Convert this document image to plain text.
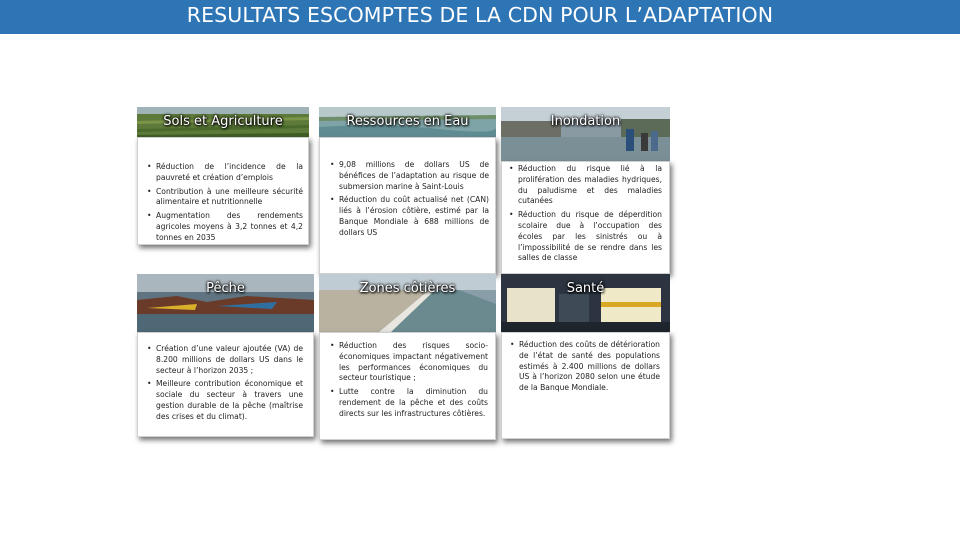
RESULTATS ESCOMPTES DE LA CDN POUR L’ADAPTATION
Sols et Agriculture
• Réduction de l’incidence de la pauvreté et création d’emplois
• Contribution à une meilleure sécurité alimentaire et nutritionnelle
• Augmentation des rendements agricoles moyens à 3,2 tonnes et 4,2 tonnes en 2035
Ressources en Eau
• 9,08 millions de dollars US de bénéfices de l’adaptation au risque de submersion marine à Saint-Louis
• Réduction du coût actualisé net (CAN) liés à l’érosion côtière, estimé par la Banque Mondiale à 688 millions de dollars US
Inondation
• Réduction du risque lié à la prolifération des maladies hydriques, du paludisme et des maladies cutanées
• Réduction du risque de déperdition scolaire due à l’occupation des écoles par les sinistrés ou à l’impossibilité de se rendre dans les salles de classe
Pêche
• Création d’une valeur ajoutée (VA) de 8.200 millions de dollars US dans le secteur à l’horizon 2035 ;
• Meilleure contribution économique et sociale du secteur à travers une gestion durable de la pêche (maîtrise des crises et du climat).
Zones côtières
• Réduction des risques socio-économiques impactant négativement les performances économiques du secteur touristique ;
• Lutte contre la diminution du rendement de la pêche et des coûts directs sur les infrastructures côtières.
Santé
• Réduction des coûts de détérioration de l’état de santé des populations estimés à 2.400 millions de dollars US à l’horizon 2080 selon une étude de la Banque Mondiale.
